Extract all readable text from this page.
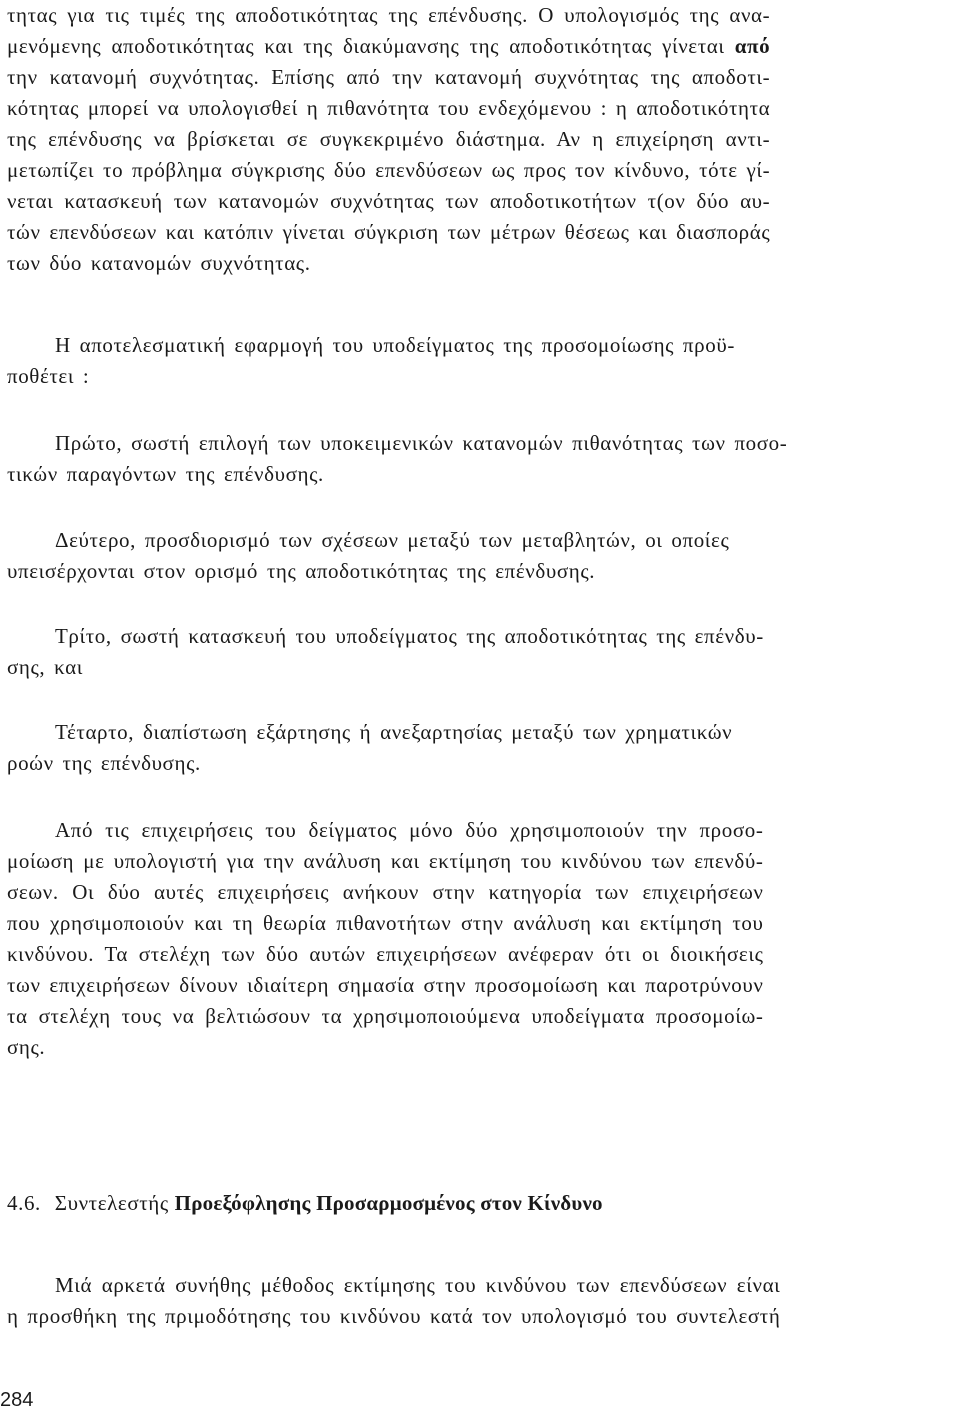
τητας για τις τιμές της αποδοτικότητας της επένδυσης. Ο υπολογισμός της ανα-
μενόμενης αποδοτικότητας και της διακύμανσης της αποδοτικότητας γίνεται από
την κατανομή συχνότητας. Επίσης από την κατανομή συχνότητας της αποδοτι-
κότητας μπορεί να υπολογισθεί η πιθανότητα του ενδεχόμενου : η αποδοτικότητα
της επένδυσης να βρίσκεται σε συγκεκριμένο διάστημα. Αν η επιχείρηση αντι-
μετωπίζει το πρόβλημα σύγκρισης δύο επενδύσεων ως προς τον κίνδυνο, τότε γί-
νεται κατασκευή των κατανομών συχνότητας των αποδοτικοτήτων τ(ον δύο αυ-
τών επενδύσεων και κατόπιν γίνεται σύγκριση των μέτρων θέσεως και διασποράς
των δύο κατανομών συχνότητας.
Η αποτελεσματική εφαρμογή του υποδείγματος της προσομοίωσης προϋ-
ποθέτει :
Πρώτο, σωστή επιλογή των υποκειμενικών κατανομών πιθανότητας των ποσο-
τικών παραγόντων της επένδυσης.
Δεύτερο, προσδιορισμό των σχέσεων μεταξύ των μεταβλητών, οι οποίες
υπεισέρχονται στον ορισμό της αποδοτικότητας της επένδυσης.
Τρίτο, σωστή κατασκευή του υποδείγματος της αποδοτικότητας της επένδυ-
σης, και
Τέταρτο, διαπίστωση εξάρτησης ή ανεξαρτησίας μεταξύ των χρηματικών
ροών της επένδυσης.
Από τις επιχειρήσεις του δείγματος μόνο δύο χρησιμοποιούν την προσο-
μοίωση με υπολογιστή για την ανάλυση και εκτίμηση του κινδύνου των επενδύ-
σεων. Οι δύο αυτές επιχειρήσεις ανήκουν στην κατηγορία των επιχειρήσεων
που χρησιμοποιούν και τη θεωρία πιθανοτήτων στην ανάλυση και εκτίμηση του
κινδύνου. Τα στελέχη των δύο αυτών επιχειρήσεων ανέφεραν ότι οι διοικήσεις
των επιχειρήσεων δίνουν ιδιαίτερη σημασία στην προσομοίωση και παροτρύνουν
τα στελέχη τους να βελτιώσουν τα χρησιμοποιούμενα υποδείγματα προσομοίω-
σης.
4.6. Συντελεστής Προεξόφλησης Προσαρμοσμένος στον Κίνδυνο
Μιά αρκετά συνήθης μέθοδος εκτίμησης του κινδύνου των επενδύσεων είναι
η προσθήκη της πριμοδότησης του κινδύνου κατά τον υπολογισμό του συντελεστή
284
